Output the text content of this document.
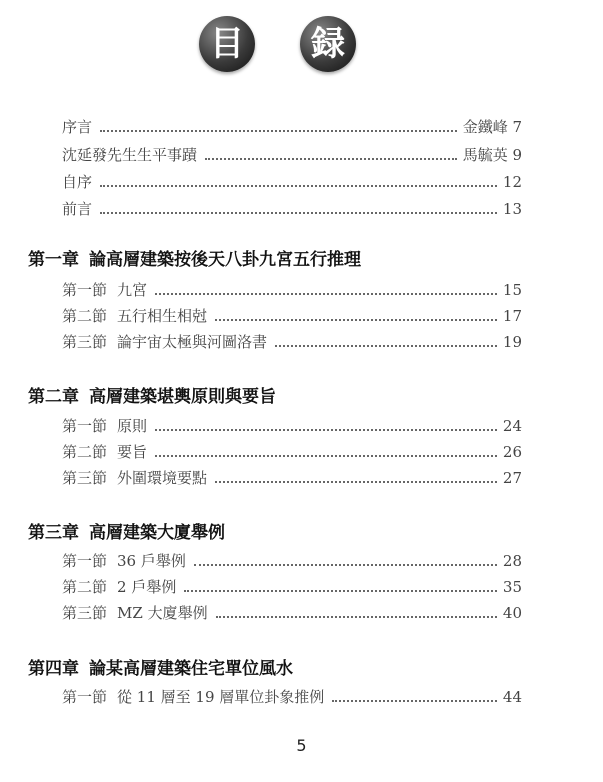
目	録
序言	金鐵峰 7
沈延發先生生平事蹟	馬毓英 9
自序	12
前言	13
第一章 論高層建築按後天八卦九宮五行推理
第一節 九宮	15
第二節 五行相生相尅	17
第三節 論宇宙太極與河圖洛書	19
第二章 高層建築堪輿原則與要旨
第一節 原則	24
第二節 要旨	26
第三節 外圍環境要點	27
第三章 高層建築大廈舉例
第一節 36 戶舉例	28
第二節 2 戶舉例	35
第三節 MZ 大廈舉例	40
第四章 論某高層建築住宅單位風水
第一節 從 11 層至 19 層單位卦象推例	44
5
